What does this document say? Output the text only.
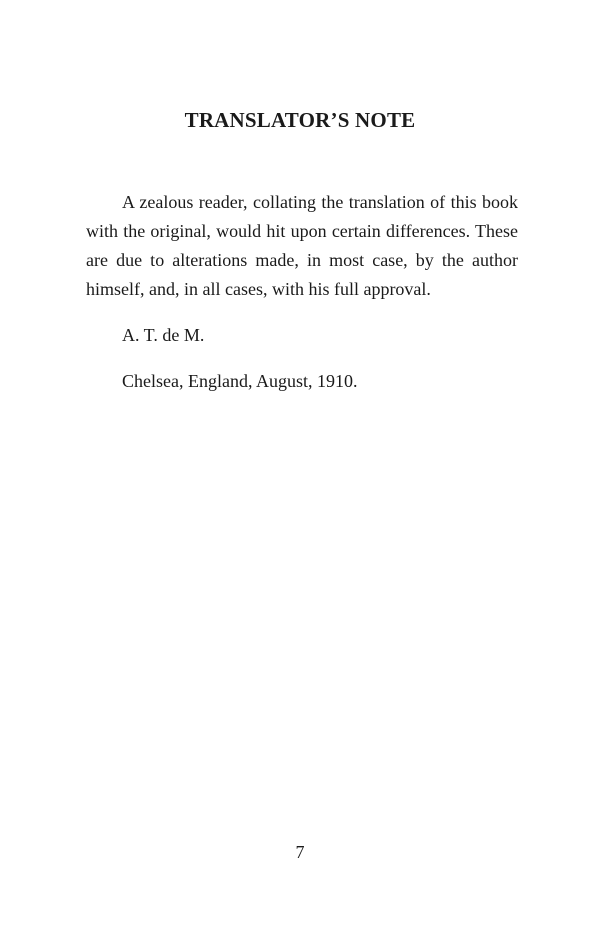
TRANSLATOR’S NOTE

A zealous reader, collating the translation of this book with the original, would hit upon certain differences. These are due to alterations made, in most case, by the author himself, and, in all cases, with his full approval.

A. T. de M.

Chelsea, England, August, 1910.

7
